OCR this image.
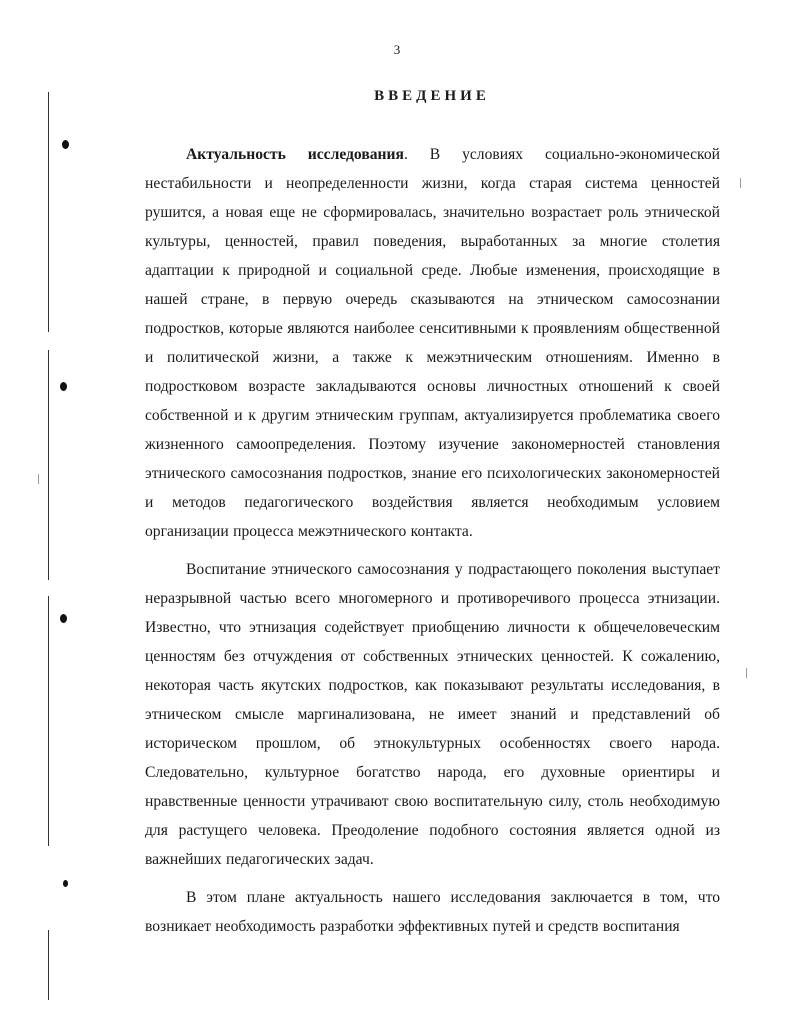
3
ВВЕДЕНИЕ

Актуальность исследования. В условиях социально-экономической нестабильности и неопределенности жизни, когда старая система ценностей рушится, а новая еще не сформировалась, значительно возрастает роль этнической культуры, ценностей, правил поведения, выработанных за многие столетия адаптации к природной и социальной среде. Любые изменения, происходящие в нашей стране, в первую очередь сказываются на этническом самосознании подростков, которые являются наиболее сенситивными к проявлениям общественной и политической жизни, а также к межэтническим отношениям. Именно в подростковом возрасте закладываются основы личностных отношений к своей собственной и к другим этническим группам, актуализируется проблематика своего жизненного самоопределения. Поэтому изучение закономерностей становления этнического самосознания подростков, знание его психологических закономерностей и методов педагогического воздействия является необходимым условием организации процесса межэтнического контакта.

Воспитание этнического самосознания у подрастающего поколения выступает неразрывной частью всего многомерного и противоречивого процесса этнизации. Известно, что этнизация содействует приобщению личности к общечеловеческим ценностям без отчуждения от собственных этнических ценностей. К сожалению, некоторая часть якутских подростков, как показывают результаты исследования, в этническом смысле маргинализована, не имеет знаний и представлений об историческом прошлом, об этнокультурных особенностях своего народа. Следовательно, культурное богатство народа, его духовные ориентиры и нравственные ценности утрачивают свою воспитательную силу, столь необходимую для растущего человека. Преодоление подобного состояния является одной из важнейших педагогических задач.

В этом плане актуальность нашего исследования заключается в том, что возникает необходимость разработки эффективных путей и средств воспитания
